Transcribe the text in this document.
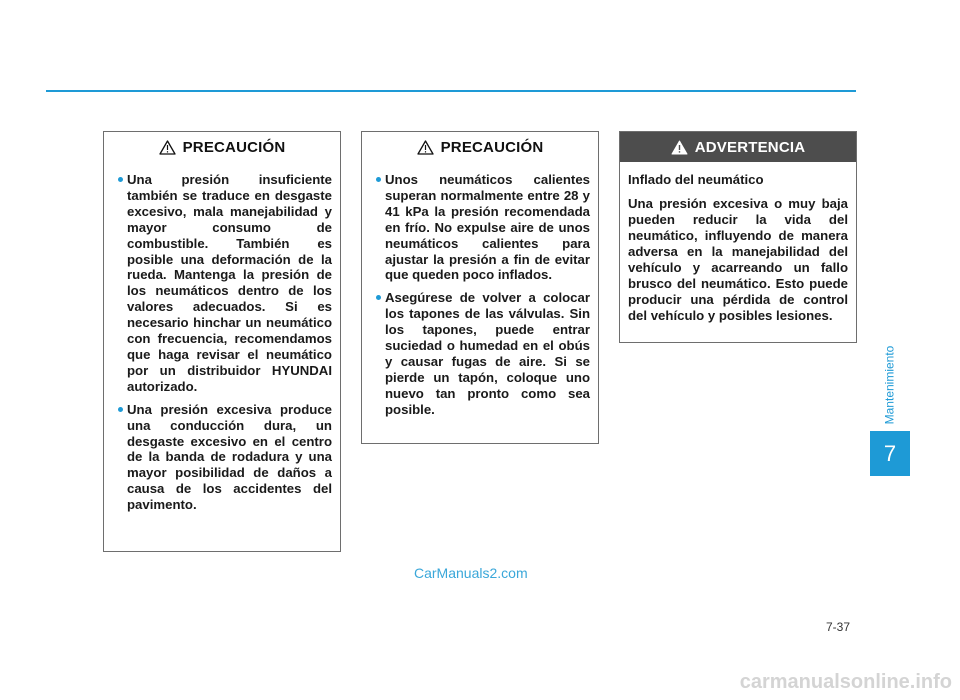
PRECAUCIÓN
Una presión insuficiente también se traduce en desgaste excesivo, mala manejabilidad y mayor consumo de combustible. También es posible una deformación de la rueda. Mantenga la presión de los neumáticos dentro de los valores adecuados. Si es necesario hinchar un neumático con frecuencia, recomendamos que haga revisar el neumático por un distribuidor HYUNDAI autorizado.
Una presión excesiva produce una conducción dura, un desgaste excesivo en el centro de la banda de rodadura y una mayor posibilidad de daños a causa de los accidentes del pavimento.
PRECAUCIÓN
Unos neumáticos calientes superan normalmente entre 28 y 41 kPa la presión recomendada en frío. No expulse aire de unos neumáticos calientes para ajustar la presión a fin de evitar que queden poco inflados.
Asegúrese de volver a colocar los tapones de las válvulas. Sin los tapones, puede entrar suciedad o humedad en el obús y causar fugas de aire. Si se pierde un tapón, coloque uno nuevo tan pronto como sea posible.
ADVERTENCIA
Inflado del neumático
Una presión excesiva o muy baja pueden reducir la vida del neumático, influyendo de manera adversa en la manejabilidad del vehículo y acarreando un fallo brusco del neumático. Esto puede producir una pérdida de control del vehículo y posibles lesiones.
Mantenimiento
7
CarManuals2.com
7-37
carmanualsonline.info
